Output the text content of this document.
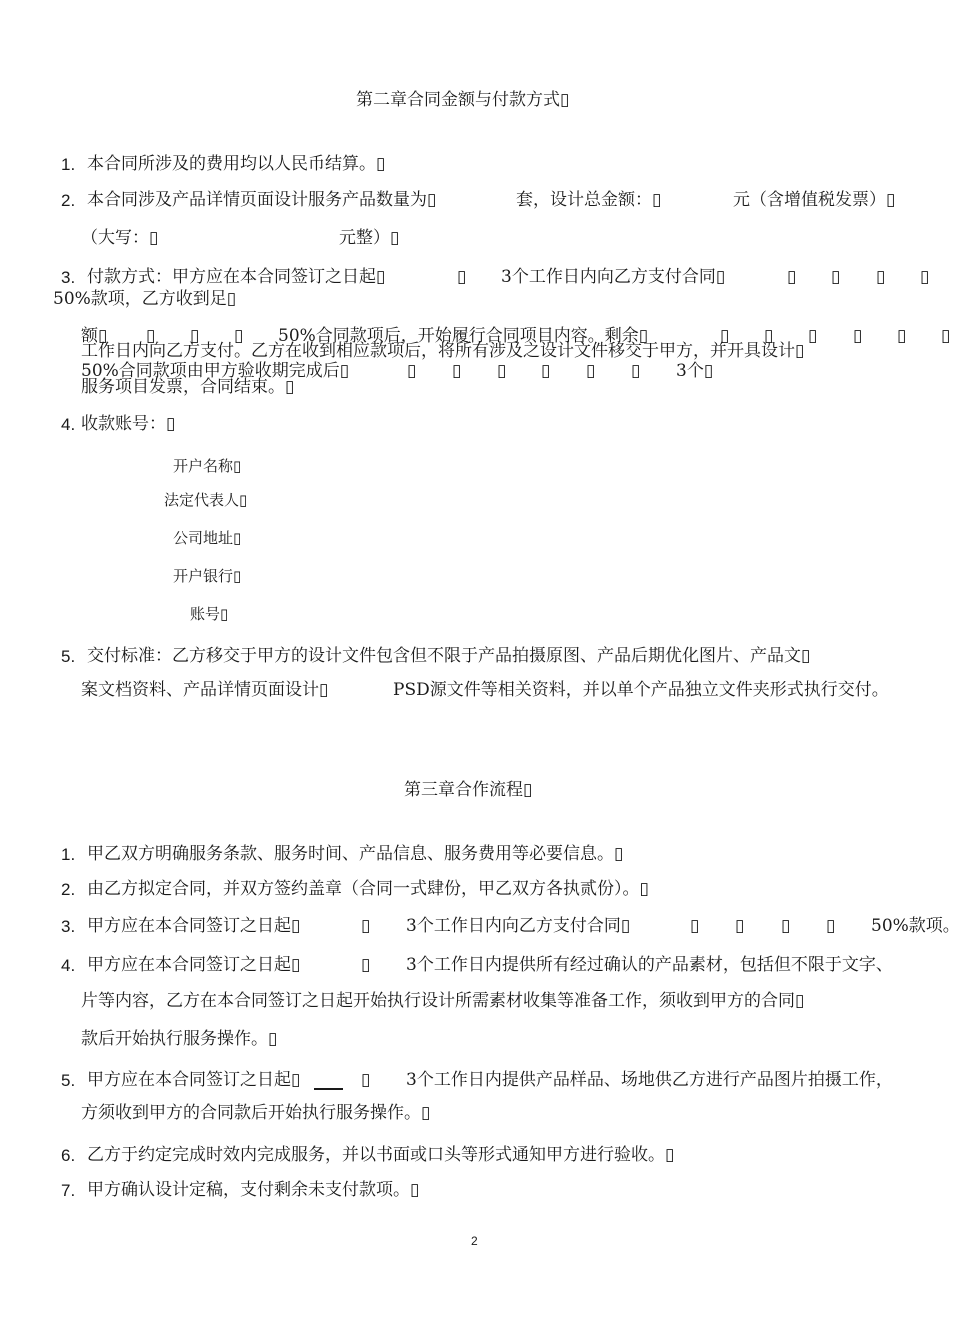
第二章合同金额与付款方式▯
1. 本合同所涉及的费用均以人民币结算。▯
2. 本合同涉及产品详情页面设计服务产品数量为▯	套，设计总金额：▯	元（含增值税发票）▯
（大写：▯	元整）▯
3. 付款方式：甲方应在本合同签订之日起▯	▯ 3个工作日内向乙方支付合同▯	▯ ▯ ▯ ▯
50%款项，乙方收到足▯
额▯ ▯ ▯ ▯ 50%合同款项后，开始履行合同项目内容。剩余▯	▯ ▯ ▯ ▯ ▯ ▯
工作日内向乙方支付。乙方在收到相应款项后，将所有涉及之设计文件移交于甲方，并开具设计▯
50%合同款项由甲方验收期完成后▯	▯ ▯ ▯ ▯ ▯ ▯ 3个▯
服务项目发票，合同结束。▯
4. 收款账号：▯
开户名称▯
法定代表人▯
公司地址▯
开户银行▯
账号▯
5. 交付标准：乙方移交于甲方的设计文件包含但不限于产品拍摄原图、产品后期优化图片、产品文▯
案文档资料、产品详情页面设计▯	PSD源文件等相关资料，并以单个产品独立文件夹形式执行交付。
第三章合作流程▯
1. 甲乙双方明确服务条款、服务时间、产品信息、服务费用等必要信息。▯
2. 由乙方拟定合同，并双方签约盖章（合同一式肆份，甲乙双方各执贰份）。▯
3. 甲方应在本合同签订之日起▯	▯ 3个工作日内向乙方支付合同▯	▯ ▯ ▯ ▯ 50%款项。
4. 甲方应在本合同签订之日起▯	▯ 3个工作日内提供所有经过确认的产品素材，包括但不限于文字、
片等内容，乙方在本合同签订之日起开始执行设计所需素材收集等准备工作，须收到甲方的合同▯
款后开始执行服务操作。▯
5. 甲方应在本合同签订之日起▯	▯ 3个工作日内提供产品样品、场地供乙方进行产品图片拍摄工作，
方须收到甲方的合同款后开始执行服务操作。▯
6. 乙方于约定完成时效内完成服务，并以书面或口头等形式通知甲方进行验收。▯
7. 甲方确认设计定稿，支付剩余未支付款项。▯
2
